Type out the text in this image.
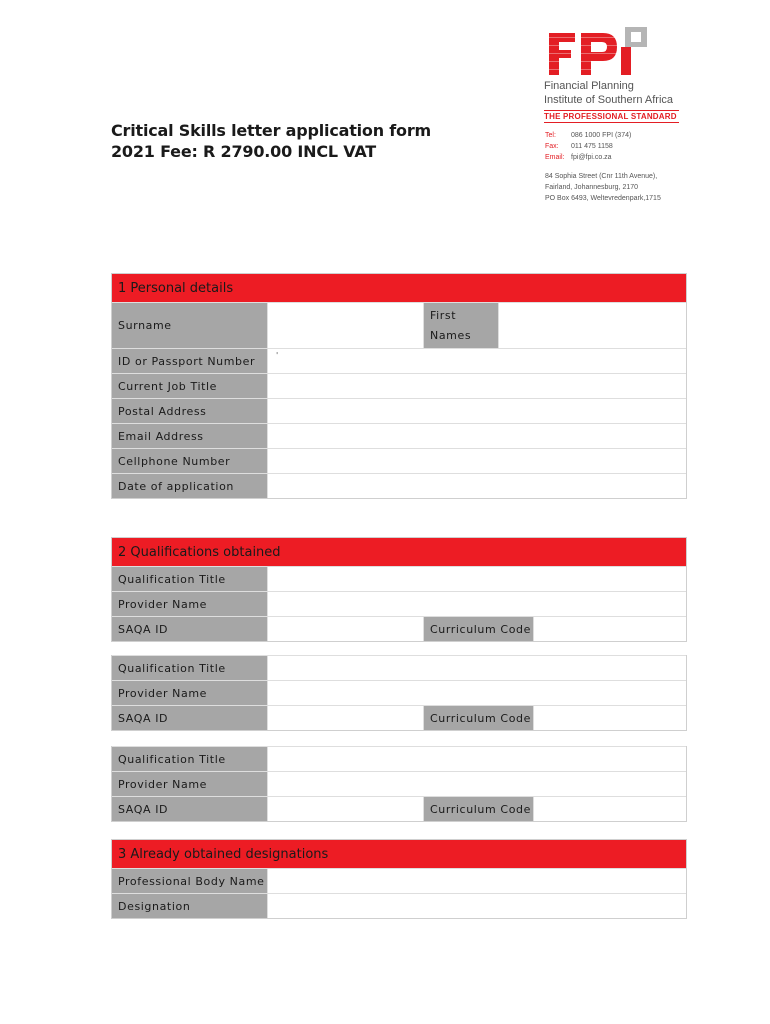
Critical Skills letter application form
2021 Fee: R 2790.00 INCL VAT
Financial Planning
Institute of Southern Africa
THE PROFESSIONAL STANDARD
Tel:	086 1000 FPI (374)
Fax:	011 475 1158
Email: fpi@fpi.co.za
84 Sophia Street (Cnr 11th Avenue),
Fairland, Johannesburg, 2170
PO Box 6493, Weltevredenpark,1715
1 Personal details
Surname
First
Names
ID or Passport Number	'
Current Job Title
Postal Address
Email Address
Cellphone Number
Date of application
2 Qualifications obtained
Qualification Title
Provider Name
SAQA ID	Curriculum Code
Qualification Title
Provider Name
SAQA ID	Curriculum Code
Qualification Title
Provider Name
SAQA ID	Curriculum Code
3 Already obtained designations
Professional Body Name
Designation
